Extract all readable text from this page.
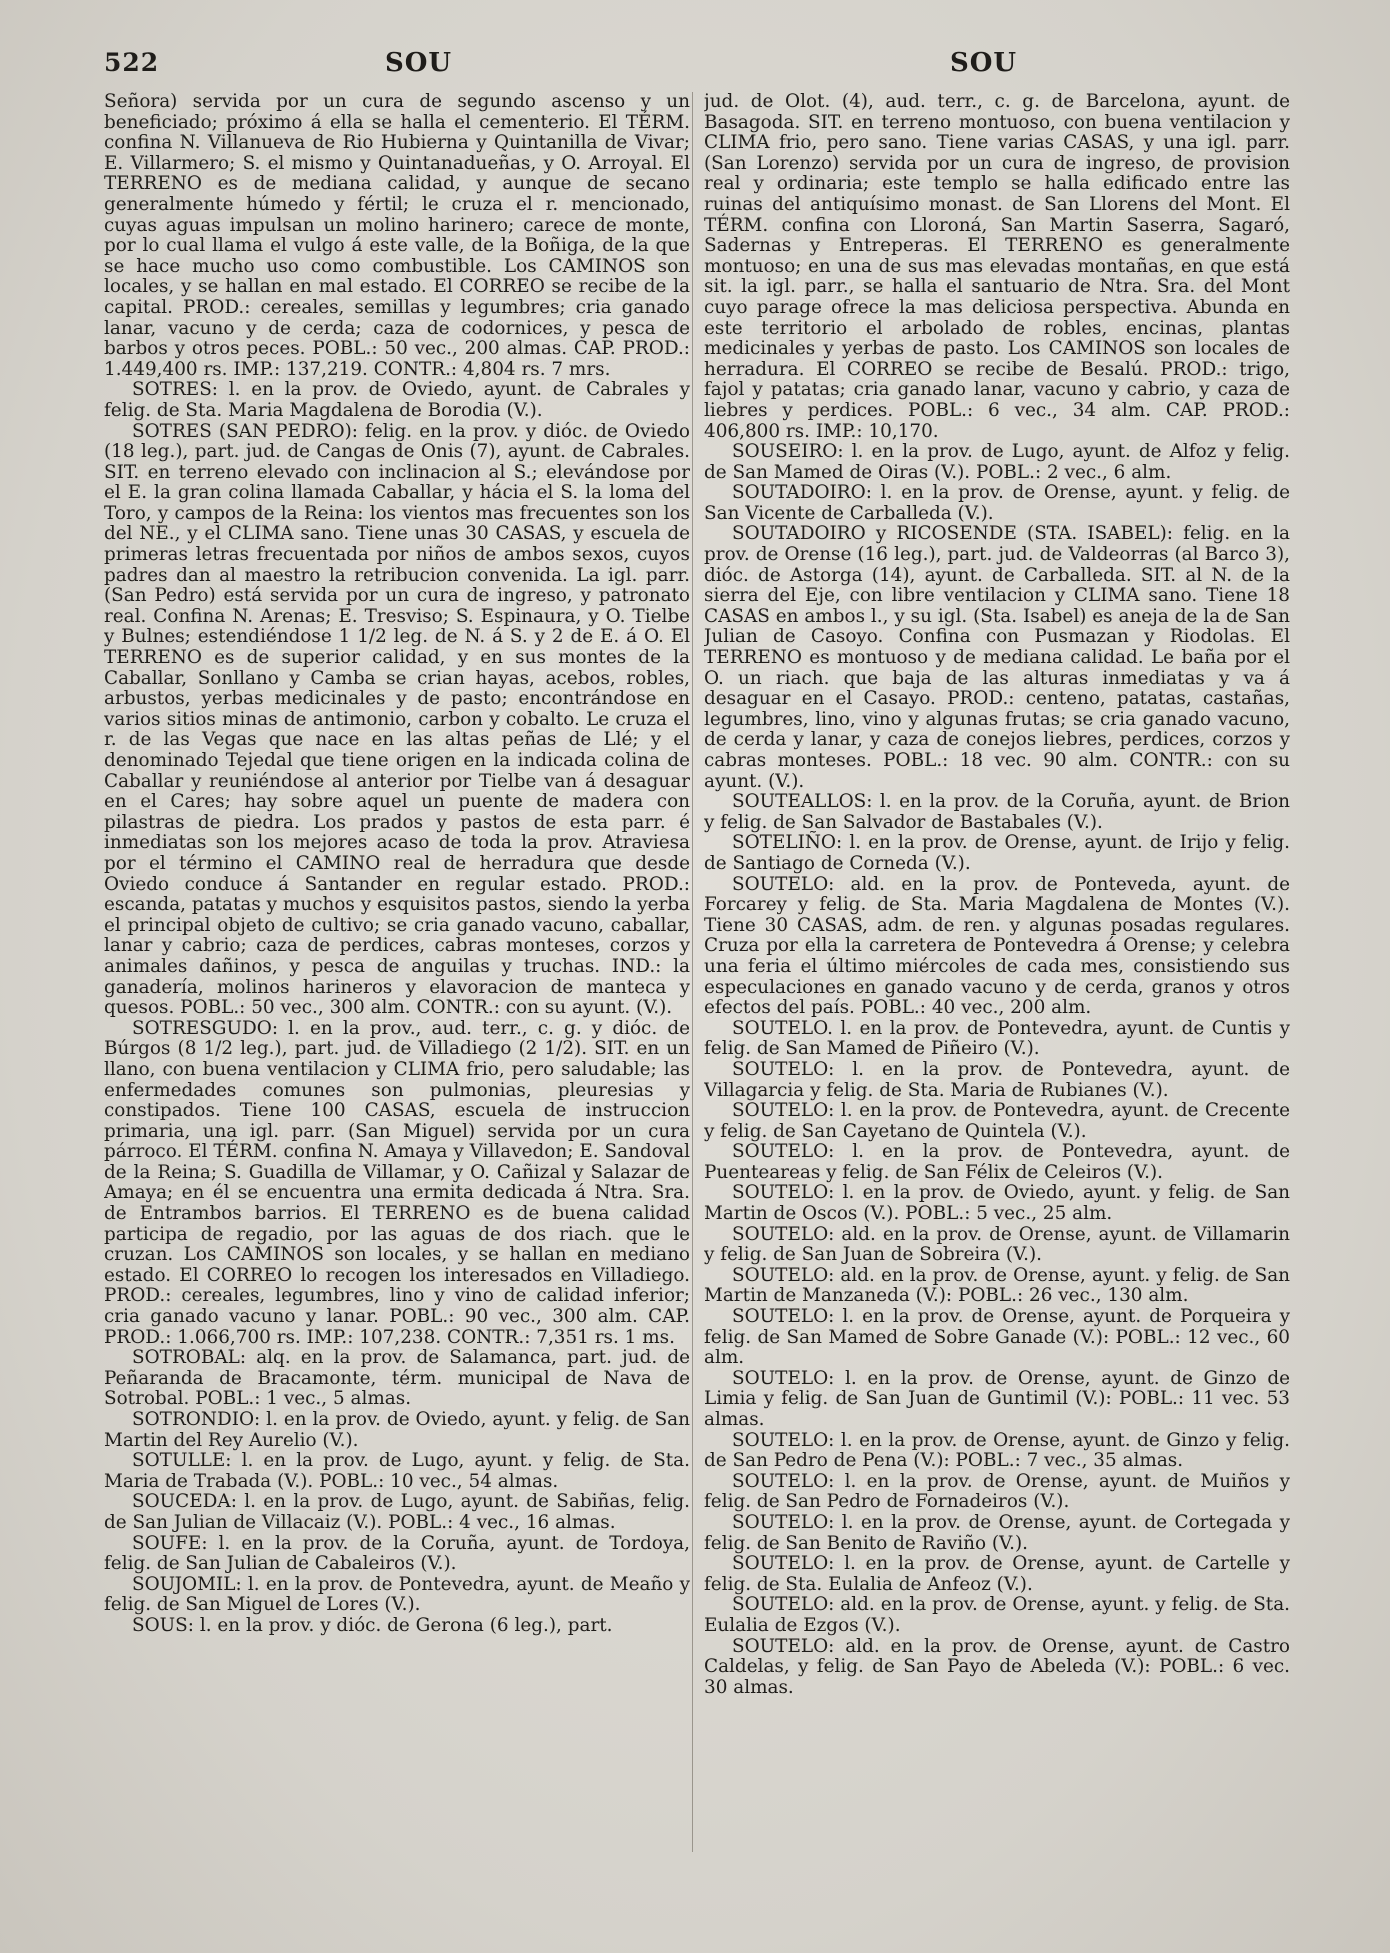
522	SOU	SOU

Señora) servida por un cura de segundo ascenso y un beneficiado; próximo á ella se halla el cementerio. El TÉRM. confina N. Villanueva de Rio Hubierna y Quintanilla de Vivar; E. Villarmero; S. el mismo y Quintanadueñas, y O. Arroyal. El TERRENO es de mediana calidad, y aunque de secano generalmente húmedo y fértil; le cruza el r. mencionado, cuyas aguas impulsan un molino harinero; carece de monte, por lo cual llama el vulgo á este valle, de la Boñiga, de la que se hace mucho uso como combustible. Los CAMINOS son locales, y se hallan en mal estado. El CORREO se recibe de la capital. PROD.: cereales, semillas y legumbres; cria ganado lanar, vacuno y de cerda; caza de codornices, y pesca de barbos y otros peces. POBL.: 50 vec., 200 almas. CAP. PROD.: 1.449,400 rs. IMP.: 137,219. CONTR.: 4,804 rs. 7 mrs.

SOTRES: l. en la prov. de Oviedo, ayunt. de Cabrales y felig. de Sta. Maria Magdalena de Borodia (V.).

SOTRES (SAN PEDRO): felig. en la prov. y dióc. de Oviedo (18 leg.), part. jud. de Cangas de Onis (7), ayunt. de Cabrales. SIT. en terreno elevado con inclinacion al S.; elevándose por el E. la gran colina llamada Caballar, y hácia el S. la loma del Toro, y campos de la Reina: los vientos mas frecuentes son los del NE., y el CLIMA sano. Tiene unas 30 CASAS, y escuela de primeras letras frecuentada por niños de ambos sexos, cuyos padres dan al maestro la retribucion convenida. La igl. parr. (San Pedro) está servida por un cura de ingreso, y patronato real. Confina N. Arenas; E. Tresviso; S. Espinaura, y O. Tielbe y Bulnes; estendiéndose 1 1/2 leg. de N. á S. y 2 de E. á O. El TERRENO es de superior calidad, y en sus montes de la Caballar, Sonllano y Camba se crian hayas, acebos, robles, arbustos, yerbas medicinales y de pasto; encontrándose en varios sitios minas de antimonio, carbon y cobalto. Le cruza el r. de las Vegas que nace en las altas peñas de Llé; y el denominado Tejedal que tiene origen en la indicada colina de Caballar y reuniéndose al anterior por Tielbe van á desaguar en el Cares; hay sobre aquel un puente de madera con pilastras de piedra. Los prados y pastos de esta parr. é inmediatas son los mejores acaso de toda la prov. Atraviesa por el término el CAMINO real de herradura que desde Oviedo conduce á Santander en regular estado. PROD.: escanda, patatas y muchos y esquisitos pastos, siendo la yerba el principal objeto de cultivo; se cria ganado vacuno, caballar, lanar y cabrio; caza de perdices, cabras monteses, corzos y animales dañinos, y pesca de anguilas y truchas. IND.: la ganadería, molinos harineros y elavoracion de manteca y quesos. POBL.: 50 vec., 300 alm. CONTR.: con su ayunt. (V.).

SOTRESGUDO: l. en la prov., aud. terr., c. g. y dióc. de Búrgos (8 1/2 leg.), part. jud. de Villadiego (2 1/2). SIT. en un llano, con buena ventilacion y CLIMA frio, pero saludable; las enfermedades comunes son pulmonias, pleuresias y constipados. Tiene 100 CASAS, escuela de instruccion primaria, una igl. parr. (San Miguel) servida por un cura párroco. El TÉRM. confina N. Amaya y Villavedon; E. Sandoval de la Reina; S. Guadilla de Villamar, y O. Cañizal y Salazar de Amaya; en él se encuentra una ermita dedicada á Ntra. Sra. de Entrambos barrios. El TERRENO es de buena calidad participa de regadio, por las aguas de dos riach. que le cruzan. Los CAMINOS son locales, y se hallan en mediano estado. El CORREO lo recogen los interesados en Villadiego. PROD.: cereales, legumbres, lino y vino de calidad inferior; cria ganado vacuno y lanar. POBL.: 90 vec., 300 alm. CAP. PROD.: 1.066,700 rs. IMP.: 107,238. CONTR.: 7,351 rs. 1 ms.

SOTROBAL: alq. en la prov. de Salamanca, part. jud. de Peñaranda de Bracamonte, térm. municipal de Nava de Sotrobal. POBL.: 1 vec., 5 almas.

SOTRONDIO: l. en la prov. de Oviedo, ayunt. y felig. de San Martin del Rey Aurelio (V.).

SOTULLE: l. en la prov. de Lugo, ayunt. y felig. de Sta. Maria de Trabada (V.). POBL.: 10 vec., 54 almas.

SOUCEDA: l. en la prov. de Lugo, ayunt. de Sabiñas, felig. de San Julian de Villacaiz (V.). POBL.: 4 vec., 16 almas.

SOUFE: l. en la prov. de la Coruña, ayunt. de Tordoya, felig. de San Julian de Cabaleiros (V.).

SOUJOMIL: l. en la prov. de Pontevedra, ayunt. de Meaño y felig. de San Miguel de Lores (V.).

SOUS: l. en la prov. y dióc. de Gerona (6 leg.), part.

jud. de Olot. (4), aud. terr., c. g. de Barcelona, ayunt. de Basagoda. SIT. en terreno montuoso, con buena ventilacion y CLIMA frio, pero sano. Tiene varias CASAS, y una igl. parr. (San Lorenzo) servida por un cura de ingreso, de provision real y ordinaria; este templo se halla edificado entre las ruinas del antiquísimo monast. de San Llorens del Mont. El TÉRM. confina con Lloroná, San Martin Saserra, Sagaró, Sadernas y Entreperas. El TERRENO es generalmente montuoso; en una de sus mas elevadas montañas, en que está sit. la igl. parr., se halla el santuario de Ntra. Sra. del Mont cuyo parage ofrece la mas deliciosa perspectiva. Abunda en este territorio el arbolado de robles, encinas, plantas medicinales y yerbas de pasto. Los CAMINOS son locales de herradura. El CORREO se recibe de Besalú. PROD.: trigo, fajol y patatas; cria ganado lanar, vacuno y cabrio, y caza de liebres y perdices. POBL.: 6 vec., 34 alm. CAP. PROD.: 406,800 rs. IMP.: 10,170.

SOUSEIRO: l. en la prov. de Lugo, ayunt. de Alfoz y felig. de San Mamed de Oiras (V.). POBL.: 2 vec., 6 alm.

SOUTADOIRO: l. en la prov. de Orense, ayunt. y felig. de San Vicente de Carballeda (V.).

SOUTADOIRO y RICOSENDE (STA. ISABEL): felig. en la prov. de Orense (16 leg.), part. jud. de Valdeorras (al Barco 3), dióc. de Astorga (14), ayunt. de Carballeda. SIT. al N. de la sierra del Eje, con libre ventilacion y CLIMA sano. Tiene 18 CASAS en ambos l., y su igl. (Sta. Isabel) es aneja de la de San Julian de Casoyo. Confina con Pusmazan y Riodolas. El TERRENO es montuoso y de mediana calidad. Le baña por el O. un riach. que baja de las alturas inmediatas y va á desaguar en el Casayo. PROD.: centeno, patatas, castañas, legumbres, lino, vino y algunas frutas; se cria ganado vacuno, de cerda y lanar, y caza de conejos liebres, perdices, corzos y cabras monteses. POBL.: 18 vec. 90 alm. CONTR.: con su ayunt. (V.).

SOUTEALLOS: l. en la prov. de la Coruña, ayunt. de Brion y felig. de San Salvador de Bastabales (V.).

SOTELIÑO: l. en la prov. de Orense, ayunt. de Irijo y felig. de Santiago de Corneda (V.).

SOUTELO: ald. en la prov. de Ponteveda, ayunt. de Forcarey y felig. de Sta. Maria Magdalena de Montes (V.). Tiene 30 CASAS, adm. de ren. y algunas posadas regulares. Cruza por ella la carretera de Pontevedra á Orense; y celebra una feria el último miércoles de cada mes, consistiendo sus especulaciones en ganado vacuno y de cerda, granos y otros efectos del país. POBL.: 40 vec., 200 alm.

SOUTELO. l. en la prov. de Pontevedra, ayunt. de Cuntis y felig. de San Mamed de Piñeiro (V.).

SOUTELO: l. en la prov. de Pontevedra, ayunt. de Villagarcia y felig. de Sta. Maria de Rubianes (V.).

SOUTELO: l. en la prov. de Pontevedra, ayunt. de Crecente y felig. de San Cayetano de Quintela (V.).

SOUTELO: l. en la prov. de Pontevedra, ayunt. de Puenteareas y felig. de San Félix de Celeiros (V.).

SOUTELO: l. en la prov. de Oviedo, ayunt. y felig. de San Martin de Oscos (V.). POBL.: 5 vec., 25 alm.

SOUTELO: ald. en la prov. de Orense, ayunt. de Villamarin y felig. de San Juan de Sobreira (V.).

SOUTELO: ald. en la prov. de Orense, ayunt. y felig. de San Martin de Manzaneda (V.): POBL.: 26 vec., 130 alm.

SOUTELO: l. en la prov. de Orense, ayunt. de Porqueira y felig. de San Mamed de Sobre Ganade (V.): POBL.: 12 vec., 60 alm.

SOUTELO: l. en la prov. de Orense, ayunt. de Ginzo de Limia y felig. de San Juan de Guntimil (V.): POBL.: 11 vec. 53 almas.

SOUTELO: l. en la prov. de Orense, ayunt. de Ginzo y felig. de San Pedro de Pena (V.): POBL.: 7 vec., 35 almas.

SOUTELO: l. en la prov. de Orense, ayunt. de Muiños y felig. de San Pedro de Fornadeiros (V.).

SOUTELO: l. en la prov. de Orense, ayunt. de Cortegada y felig. de San Benito de Raviño (V.).

SOUTELO: l. en la prov. de Orense, ayunt. de Cartelle y felig. de Sta. Eulalia de Anfeoz (V.).

SOUTELO: ald. en la prov. de Orense, ayunt. y felig. de Sta. Eulalia de Ezgos (V.).

SOUTELO: ald. en la prov. de Orense, ayunt. de Castro Caldelas, y felig. de San Payo de Abeleda (V.): POBL.: 6 vec. 30 almas.
